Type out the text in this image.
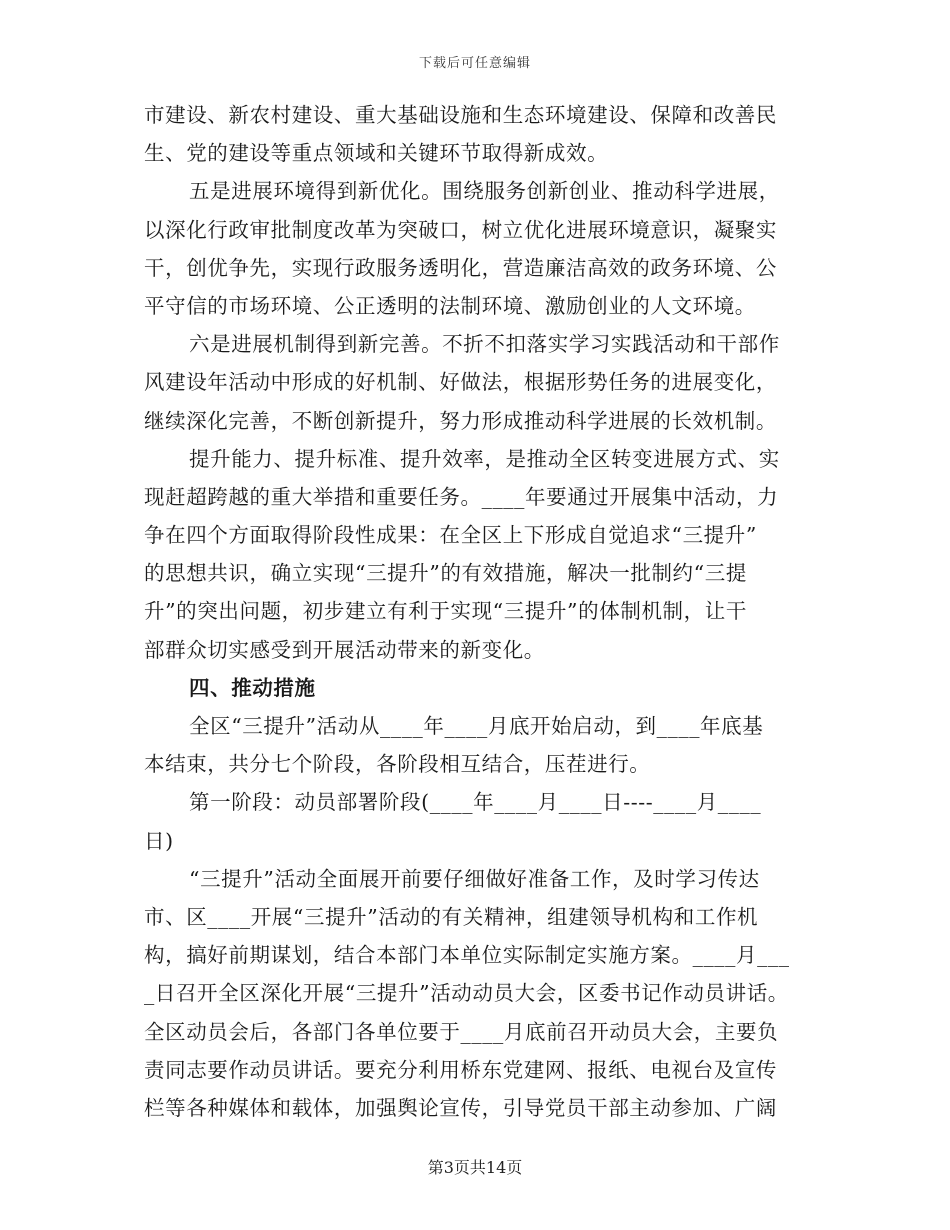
下载后可任意编辑
市建设、新农村建设、重大基础设施和生态环境建设、保障和改善民
生、党的建设等重点领域和关键环节取得新成效。
五是进展环境得到新优化。围绕服务创新创业、推动科学进展，
以深化行政审批制度改革为突破口，树立优化进展环境意识，凝聚实
干，创优争先，实现行政服务透明化，营造廉洁高效的政务环境、公
平守信的市场环境、公正透明的法制环境、激励创业的人文环境。
六是进展机制得到新完善。不折不扣落实学习实践活动和干部作
风建设年活动中形成的好机制、好做法，根据形势任务的进展变化，
继续深化完善，不断创新提升，努力形成推动科学进展的长效机制。
提升能力、提升标准、提升效率，是推动全区转变进展方式、实
现赶超跨越的重大举措和重要任务。____年要通过开展集中活动，力
争在四个方面取得阶段性成果：在全区上下形成自觉追求“三提升”
的思想共识，确立实现“三提升”的有效措施，解决一批制约“三提
升”的突出问题，初步建立有利于实现“三提升”的体制机制，让干
部群众切实感受到开展活动带来的新变化。
四、推动措施
全区“三提升”活动从____年____月底开始启动，到____年底基
本结束，共分七个阶段，各阶段相互结合，压茬进行。
第一阶段：动员部署阶段(____年____月____日----____月____
日)
“三提升”活动全面展开前要仔细做好准备工作，及时学习传达
市、区____开展“三提升”活动的有关精神，组建领导机构和工作机
构，搞好前期谋划，结合本部门本单位实际制定实施方案。____月___
_日召开全区深化开展“三提升”活动动员大会，区委书记作动员讲话。
全区动员会后，各部门各单位要于____月底前召开动员大会，主要负
责同志要作动员讲话。要充分利用桥东党建网、报纸、电视台及宣传
栏等各种媒体和载体，加强舆论宣传，引导党员干部主动参加、广阔
第3页共14页
